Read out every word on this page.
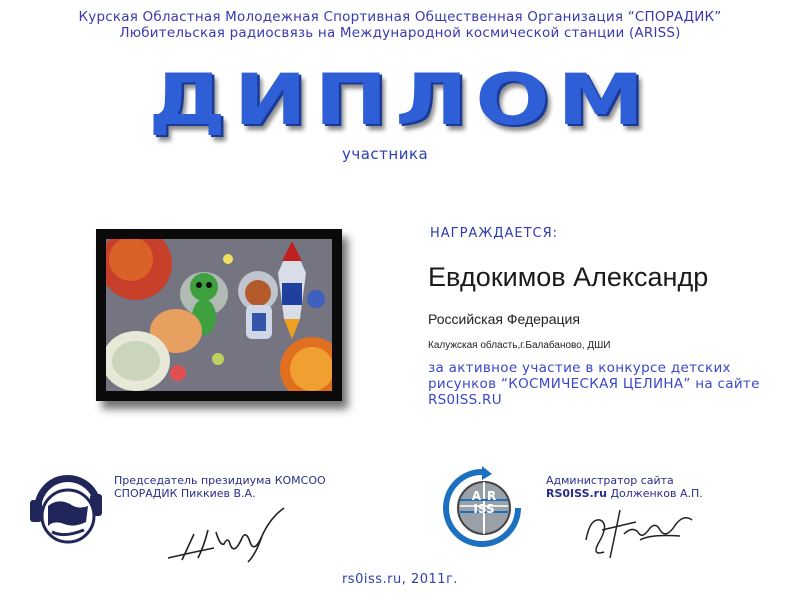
Курская Областная Молодежная Спортивная Общественная Организация “СПОРАДИК”
Любительская радиосвязь на Международной космической станции (ARISS)
ДИПЛОМ
участника
НАГРАЖДАЕТСЯ:
Евдокимов Александр
Российская Федерация
Калужская область,г.Балабаново, ДШИ
за активное участие в конкурсе детских рисунков “КОСМИЧЕСКАЯ ЦЕЛИНА” на сайте RS0ISS.RU
Председатель президиума КОМСОО
СПОРАДИК Пиккиев В.А.	A R
ISS
Администратор сайта
RS0ISS.ru Долженков А.П.
rs0iss.ru, 2011г.
